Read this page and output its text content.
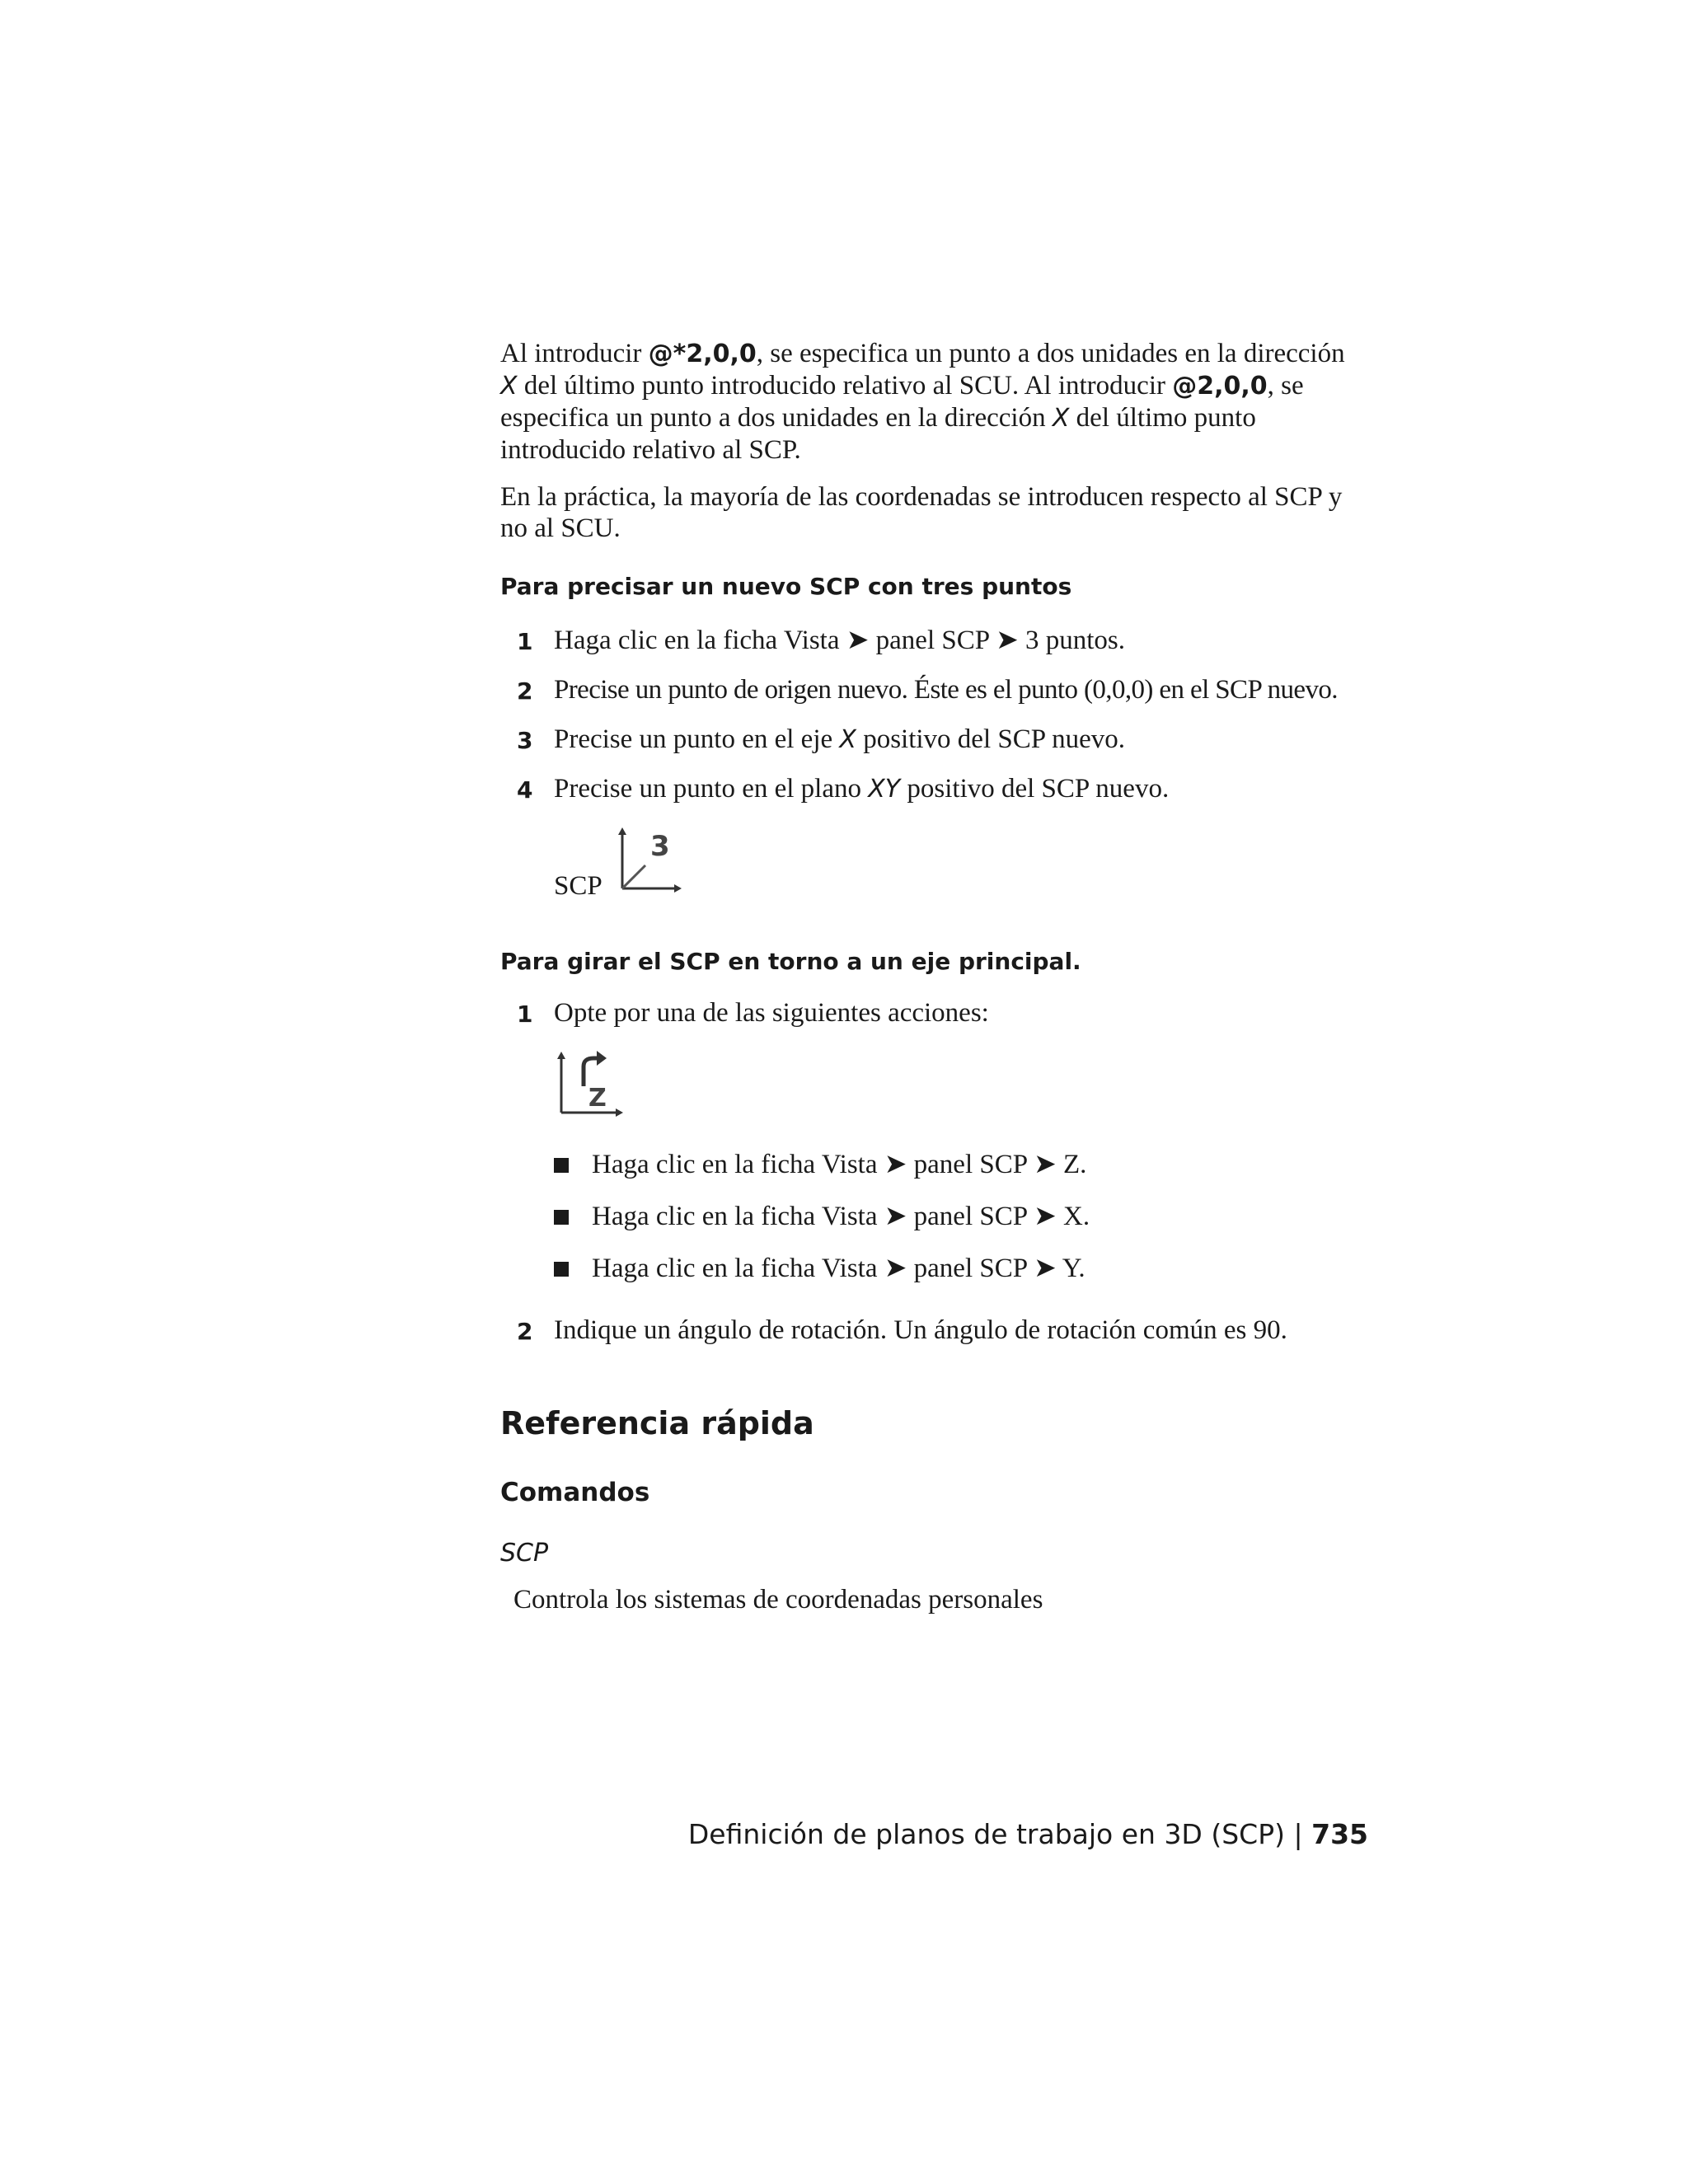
Al introducir @*2,0,0, se especifica un punto a dos unidades en la dirección
X del último punto introducido relativo al SCU. Al introducir @2,0,0, se
especifica un punto a dos unidades en la dirección X del último punto
introducido relativo al SCP.
En la práctica, la mayoría de las coordenadas se introducen respecto al SCP y
no al SCU.
Para precisar un nuevo SCP con tres puntos
1 Haga clic en la ficha Vista ➤ panel SCP ➤ 3 puntos.
2 Precise un punto de origen nuevo. Éste es el punto (0,0,0) en el SCP nuevo.
3 Precise un punto en el eje X positivo del SCP nuevo.
4 Precise un punto en el plano XY positivo del SCP nuevo.
SCP
3
Para girar el SCP en torno a un eje principal.
1 Opte por una de las siguientes acciones:
Z
Haga clic en la ficha Vista ➤ panel SCP ➤ Z.
Haga clic en la ficha Vista ➤ panel SCP ➤ X.
Haga clic en la ficha Vista ➤ panel SCP ➤ Y.
2 Indique un ángulo de rotación. Un ángulo de rotación común es 90.
Referencia rápida
Comandos
SCP
Controla los sistemas de coordenadas personales
Definición de planos de trabajo en 3D (SCP) | 735
